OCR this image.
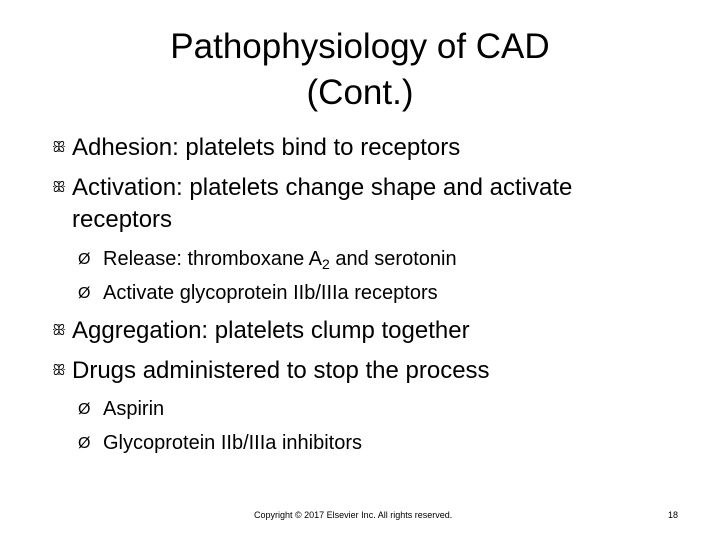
Pathophysiology of CAD
(Cont.)
ꕥ Adhesion: platelets bind to receptors
ꕥ Activation: platelets change shape and activate
receptors
Ø Release: thromboxane $A_2$ and serotonin
Ø Activate glycoprotein IIb/IIIa receptors
ꕥ Aggregation: platelets clump together
ꕥ Drugs administered to stop the process
Ø Aspirin
Ø Glycoprotein IIb/IIIa inhibitors
Copyright © 2017 Elsevier Inc. All rights reserved.	18
